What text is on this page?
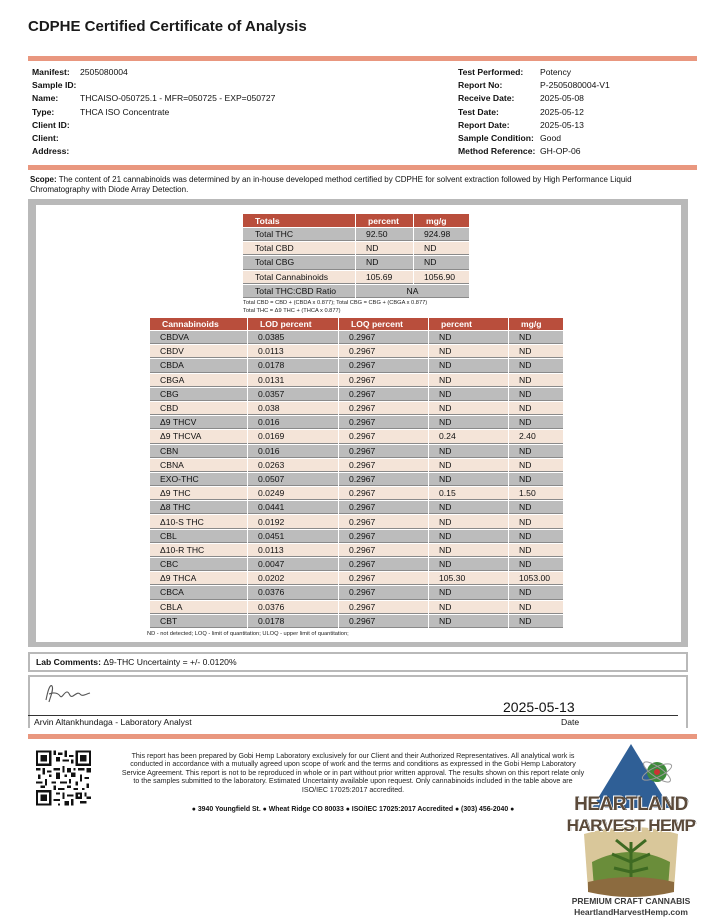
CDPHE Certified Certificate of Analysis
Manifest:	2505080004
Sample ID:
Name:	THCAISO-050725.1 - MFR=050725 - EXP=050727
Type:	THCA ISO Concentrate
Client ID:
Client:
Address:
Test Performed:	Potency
Report No:	P-2505080004-V1
Receive Date:	2025-05-08
Test Date:	2025-05-12
Report Date:	2025-05-13
Sample Condition: Good
Method Reference: GH-OP-06
Scope: The content of 21 cannabinoids was determined by an in-house developed method certified by CDPHE for solvent extraction followed by High Performance Liquid Chromatography with Diode Array Detection.
Totals	percent	mg/g
Total THC	92.50	924.98
Total CBD	ND	ND
Total CBG	ND	ND
Total Cannabinoids	105.69	1056.90
Total THC:CBD Ratio	NA	
Total CBD = CBD + (CBDA x 0.877); Total CBG = CBG + (CBGA x 0.877)
Total THC = Δ9 THC + (THCA x 0.877)
Cannabinoids	LOD percent	LOQ percent	percent	mg/g
CBDVA	0.0385	0.2967	ND	ND
CBDV	0.0113	0.2967	ND	ND
CBDA	0.0178	0.2967	ND	ND
CBGA	0.0131	0.2967	ND	ND
CBG	0.0357	0.2967	ND	ND
CBD	0.038	0.2967	ND	ND
Δ9 THCV	0.016	0.2967	ND	ND
Δ9 THCVA	0.0169	0.2967	0.24	2.40
CBN	0.016	0.2967	ND	ND
CBNA	0.0263	0.2967	ND	ND
EXO-THC	0.0507	0.2967	ND	ND
Δ9 THC	0.0249	0.2967	0.15	1.50
Δ8 THC	0.0441	0.2967	ND	ND
Δ10-S THC	0.0192	0.2967	ND	ND
CBL	0.0451	0.2967	ND	ND
Δ10-R THC	0.0113	0.2967	ND	ND
CBC	0.0047	0.2967	ND	ND
Δ9 THCA	0.0202	0.2967	105.30	1053.00
CBCA	0.0376	0.2967	ND	ND
CBLA	0.0376	0.2967	ND	ND
CBT	0.0178	0.2967	ND	ND
ND - not detected; LOQ - limit of quantitation; ULOQ - upper limit of quantitation;
Lab Comments: Δ9-THC Uncertainty = +/- 0.0120%
2025-05-13
Arvin Altankhundaga - Laboratory Analyst	Date
This report has been prepared by Gobi Hemp Laboratory exclusively for our Client and their Authorized Representatives. All analytical work is conducted in accordance with a mutually agreed upon scope of work and the terms and conditions as expressed in the Gobi Hemp Laboratory Service Agreement. This report is not to be reproduced in whole or in part without prior written approval. The results shown on this report relate only to the samples submitted to the laboratory. Estimated Uncertainty available upon request. Only cannabinoids included in the table above are ISO/IEC 17025:2017 accredited.
● 3940 Youngfield St. ● Wheat Ridge CO 80033 ● ISO/IEC 17025:2017 Accredited ● (303) 456-2040 ●	HEARTLAND
HARVEST HEMP
PREMIUM CRAFT CANNABIS
HeartlandHarvestHemp.com
